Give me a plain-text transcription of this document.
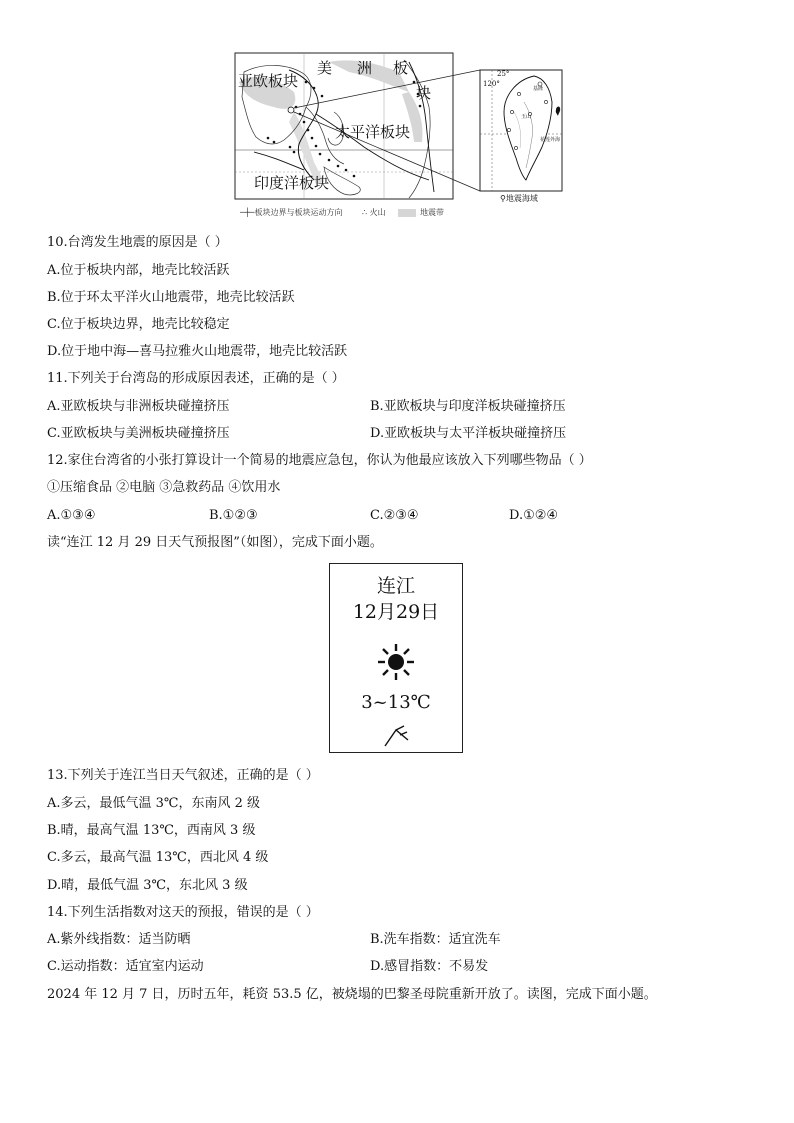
亚欧板块
美 洲 板
块
太平洋板块
印度洋板块
25°
120°
基隆
玉山
花莲外海
⚲地震海域
─┼─板块边界与板块运动方向 ∴ 火山	地震带
10.台湾发生地震的原因是（ ）
A.位于板块内部，地壳比较活跃
B.位于环太平洋火山地震带，地壳比较活跃
C.位于板块边界，地壳比较稳定
D.位于地中海—喜马拉雅火山地震带，地壳比较活跃
11.下列关于台湾岛的形成原因表述，正确的是（ ）
A.亚欧板块与非洲板块碰撞挤压	B.亚欧板块与印度洋板块碰撞挤压
C.亚欧板块与美洲板块碰撞挤压	D.亚欧板块与太平洋板块碰撞挤压
12.家住台湾省的小张打算设计一个简易的地震应急包，你认为他最应该放入下列哪些物品（ ）
①压缩食品 ②电脑 ③急救药品 ④饮用水
A.①③④	B.①②③	C.②③④	D.①②④
读“连江 12 月 29 日天气预报图”（如图），完成下面小题。
连江
12月29日
3~13℃
13.下列关于连江当日天气叙述，正确的是（ ）
A.多云，最低气温 3℃，东南风 2 级
B.晴，最高气温 13℃，西南风 3 级
C.多云，最高气温 13℃，西北风 4 级
D.晴，最低气温 3℃，东北风 3 级
14.下列生活指数对这天的预报，错误的是（ ）
A.紫外线指数：适当防晒	B.洗车指数：适宜洗车
C.运动指数：适宜室内运动	D.感冒指数：不易发
2024 年 12 月 7 日，历时五年，耗资 53.5 亿，被烧塌的巴黎圣母院重新开放了。读图，完成下面小题。
